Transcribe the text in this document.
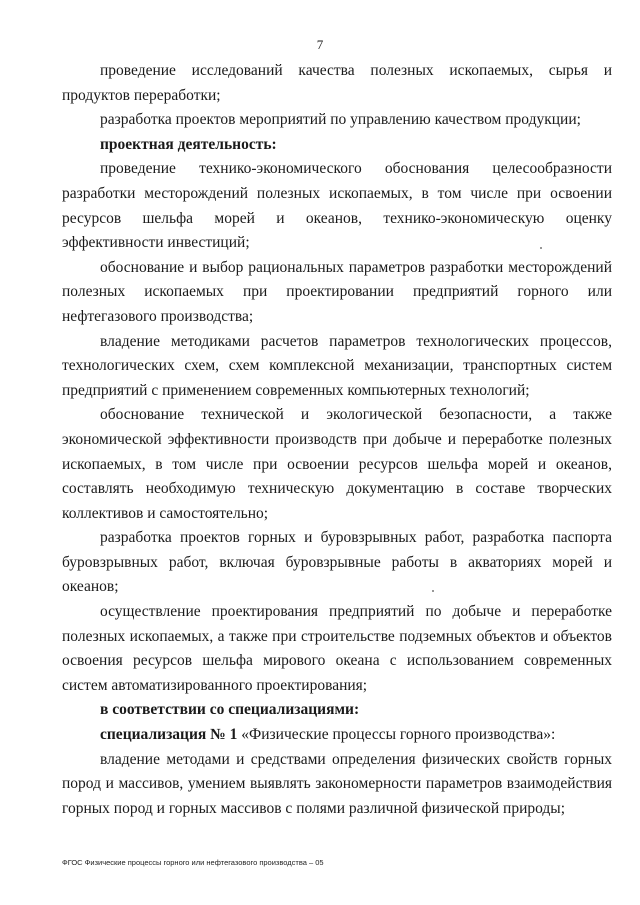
7

проведение исследований качества полезных ископаемых, сырья и продуктов переработки;

разработка проектов мероприятий по управлению качеством продукции;

проектная деятельность:

проведение технико-экономического обоснования целесообразности разработки месторождений полезных ископаемых, в том числе при освоении ресурсов шельфа морей и океанов, технико-экономическую оценку эффективности инвестиций;

обоснование и выбор рациональных параметров разработки месторождений полезных ископаемых при проектировании предприятий горного или нефтегазового производства;

владение методиками расчетов параметров технологических процессов, технологических схем, схем комплексной механизации, транспортных систем предприятий с применением современных компьютерных технологий;

обоснование технической и экологической безопасности, а также экономической эффективности производств при добыче и переработке полезных ископаемых, в том числе при освоении ресурсов шельфа морей и океанов, составлять необходимую техническую документацию в составе творческих коллективов и самостоятельно;

разработка проектов горных и буровзрывных работ, разработка паспорта буровзрывных работ, включая буровзрывные работы в акваториях морей и океанов;

осуществление проектирования предприятий по добыче и переработке полезных ископаемых, а также при строительстве подземных объектов и объектов освоения ресурсов шельфа мирового океана с использованием современных систем автоматизированного проектирования;

в соответствии со специализациями:

специализация № 1 «Физические процессы горного производства»:

владение методами и средствами определения физических свойств горных пород и массивов, умением выявлять закономерности параметров взаимодействия горных пород и горных массивов с полями различной физической природы;

ФГОС Физические процессы горного или нефтегазового производства – 05
